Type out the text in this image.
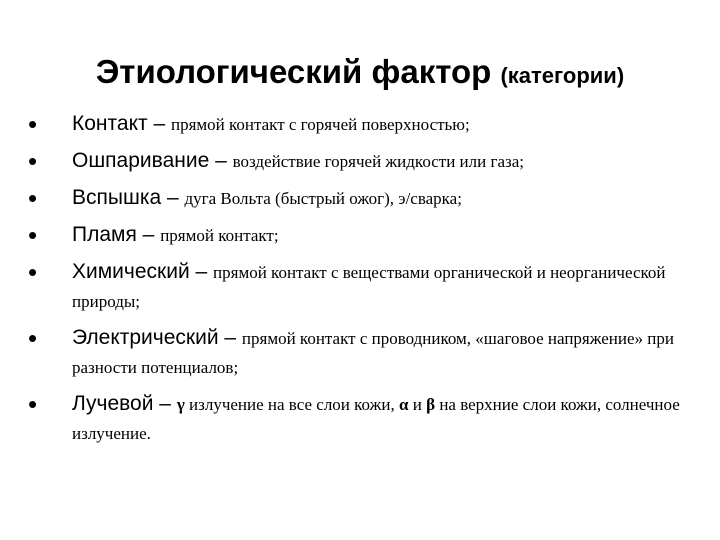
Этиологический фактор (категории)
• Контакт – прямой контакт с горячей поверхностью;
• Ошпаривание – воздействие горячей жидкости или газа;
• Вспышка – дуга Вольта (быстрый ожог), э/сварка;
• Пламя – прямой контакт;
• Химический – прямой контакт с веществами органической и неорганической природы;
• Электрический – прямой контакт с проводником, «шаговое напряжение» при разности потенциалов;
• Лучевой – γ излучение на все слои кожи, α и β на верхние слои кожи, солнечное излучение.
